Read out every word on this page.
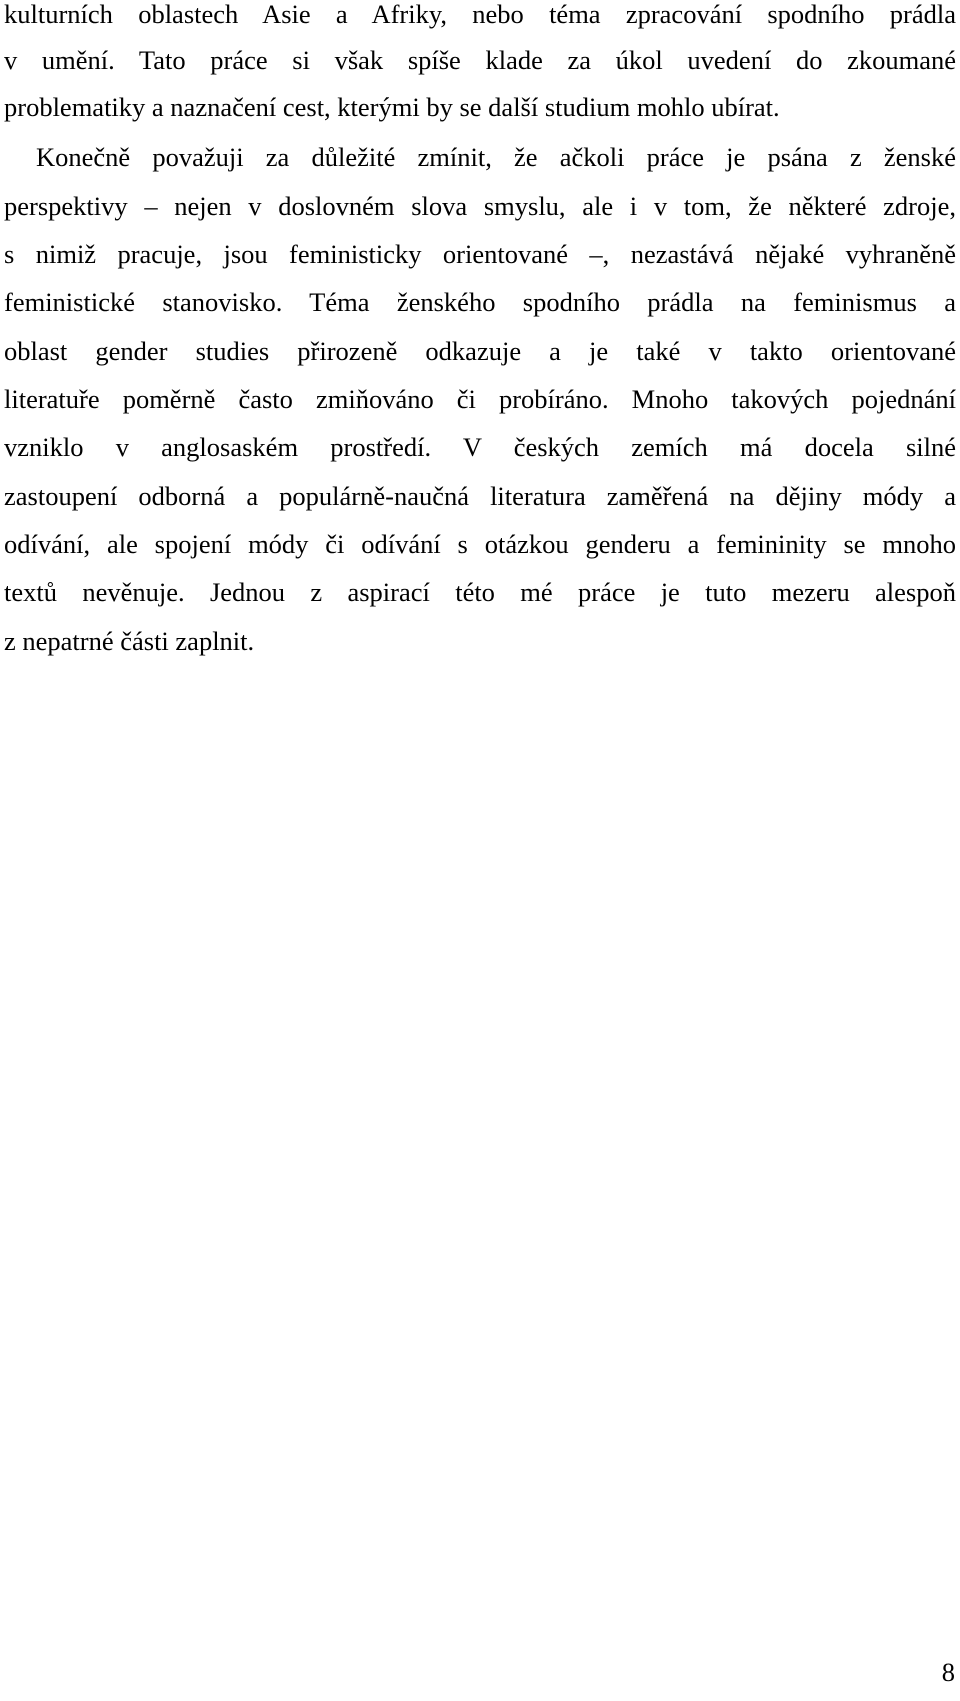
kulturních oblastech Asie a Afriky, nebo téma zpracování spodního prádla
v umění. Tato práce si však spíše klade za úkol uvedení do zkoumané
problematiky a naznačení cest, kterými by se další studium mohlo ubírat.
Konečně považuji za důležité zmínit, že ačkoli práce je psána z ženské
perspektivy – nejen v doslovném slova smyslu, ale i v tom, že některé zdroje,
s nimiž pracuje, jsou feministicky orientované –, nezastává nějaké vyhraněně
feministické stanovisko. Téma ženského spodního prádla na feminismus a
oblast gender studies přirozeně odkazuje a je také v takto orientované
literatuře poměrně často zmiňováno či probíráno. Mnoho takových pojednání
vzniklo v anglosaském prostředí. V českých zemích má docela silné
zastoupení odborná a populárně-naučná literatura zaměřená na dějiny módy a
odívání, ale spojení módy či odívání s otázkou genderu a femininity se mnoho
textů nevěnuje. Jednou z aspirací této mé práce je tuto mezeru alespoň
z nepatrné části zaplnit.
8
